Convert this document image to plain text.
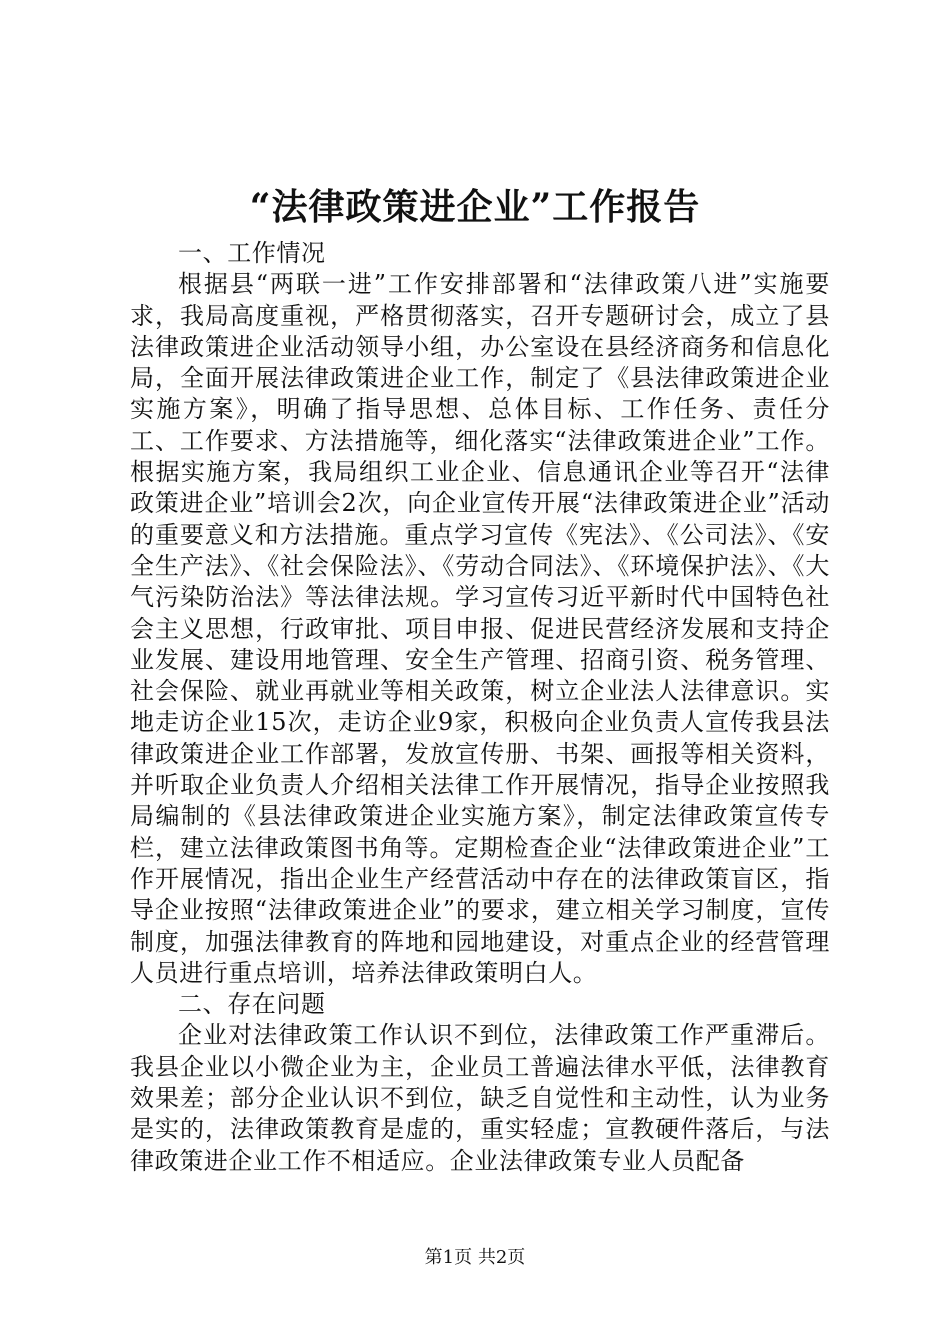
“法律政策进企业”工作报告

一、工作情况

根据县“两联一进”工作安排部署和“法律政策八进”实施要求，我局高度重视，严格贯彻落实，召开专题研讨会，成立了县法律政策进企业活动领导小组，办公室设在县经济商务和信息化局，全面开展法律政策进企业工作，制定了《县法律政策进企业实施方案》，明确了指导思想、总体目标、工作任务、责任分工、工作要求、方法措施等，细化落实“法律政策进企业”工作。根据实施方案，我局组织工业企业、信息通讯企业等召开“法律政策进企业”培训会2次，向企业宣传开展“法律政策进企业”活动的重要意义和方法措施。重点学习宣传《宪法》、《公司法》、《安全生产法》、《社会保险法》、《劳动合同法》、《环境保护法》、《大气污染防治法》等法律法规。学习宣传习近平新时代中国特色社会主义思想，行政审批、项目申报、促进民营经济发展和支持企业发展、建设用地管理、安全生产管理、招商引资、税务管理、社会保险、就业再就业等相关政策，树立企业法人法律意识。实地走访企业15次，走访企业9家，积极向企业负责人宣传我县法律政策进企业工作部署，发放宣传册、书架、画报等相关资料，并听取企业负责人介绍相关法律工作开展情况，指导企业按照我局编制的《县法律政策进企业实施方案》，制定法律政策宣传专栏，建立法律政策图书角等。定期检查企业“法律政策进企业”工作开展情况，指出企业生产经营活动中存在的法律政策盲区，指导企业按照“法律政策进企业”的要求，建立相关学习制度，宣传制度，加强法律教育的阵地和园地建设，对重点企业的经营管理人员进行重点培训，培养法律政策明白人。

二、存在问题

企业对法律政策工作认识不到位，法律政策工作严重滞后。我县企业以小微企业为主，企业员工普遍法律水平低，法律教育效果差；部分企业认识不到位，缺乏自觉性和主动性，认为业务是实的，法律政策教育是虚的，重实轻虚；宣教硬件落后，与法律政策进企业工作不相适应。企业法律政策专业人员配备

第1页 共2页
